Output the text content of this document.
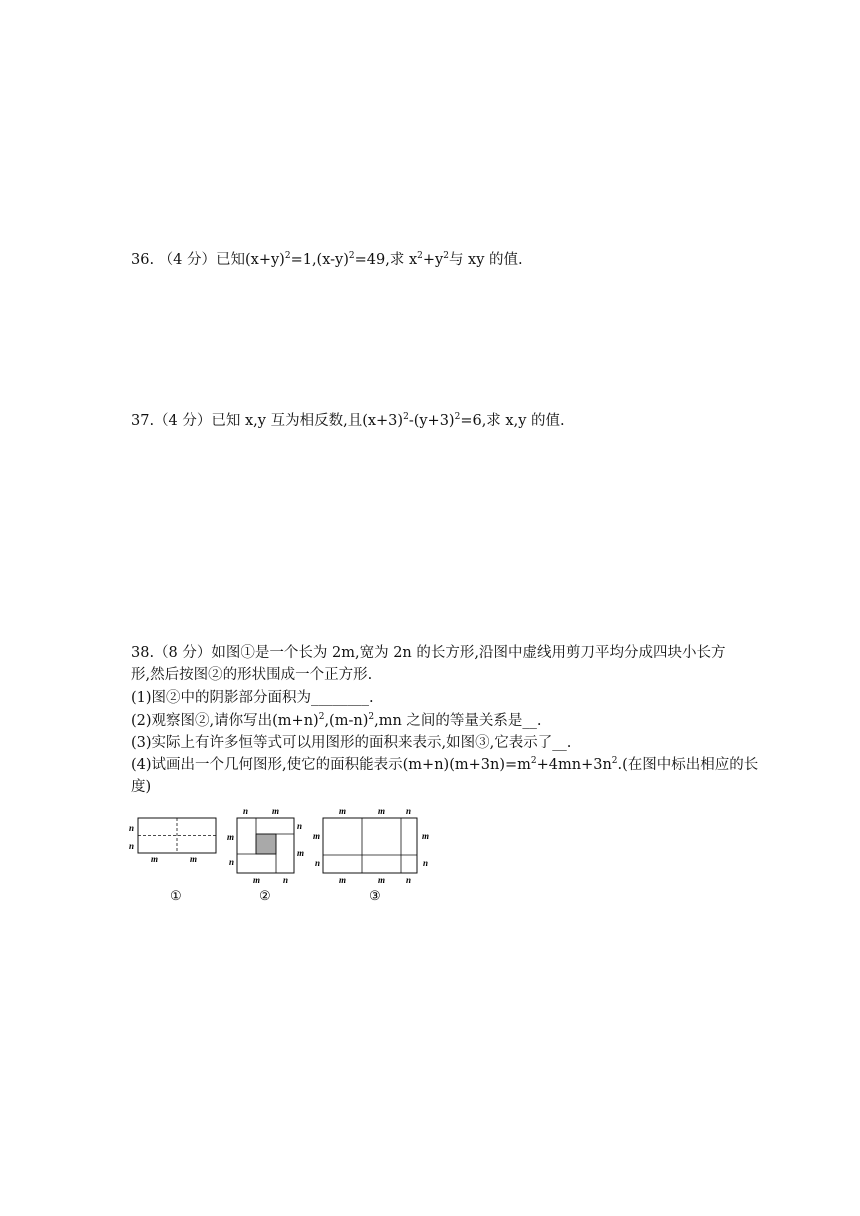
36. （4 分）已知$(x+y)^2=1,(x-y)^2=49$,求 $x^2+y^2$与 xy 的值.
37.（4 分）已知 x,y 互为相反数,且$(x+3)^2-(y+3)^2=6$,求 x,y 的值.
38.（8 分）如图①是一个长为 2m,宽为 2n 的长方形,沿图中虚线用剪刀平均分成四块小长方
形,然后按图②的形状围成一个正方形.
(1)图②中的阴影部分面积为________.
(2)观察图②,请你写出$(m+n)^2,(m-n)^2,mn$ 之间的等量关系是__.
(3)实际上有许多恒等式可以用图形的面积来表示,如图③,它表示了__.
(4)试画出一个几何图形,使它的面积能表示$(m+n)(m+3n)=m^2+4mn+3n^2$.(在图中标出相应的长
度)
n
n
m	m
①
n	m
m
n
n
m
m	n
②
m	m n
m
n
m
n
m	m n
③
